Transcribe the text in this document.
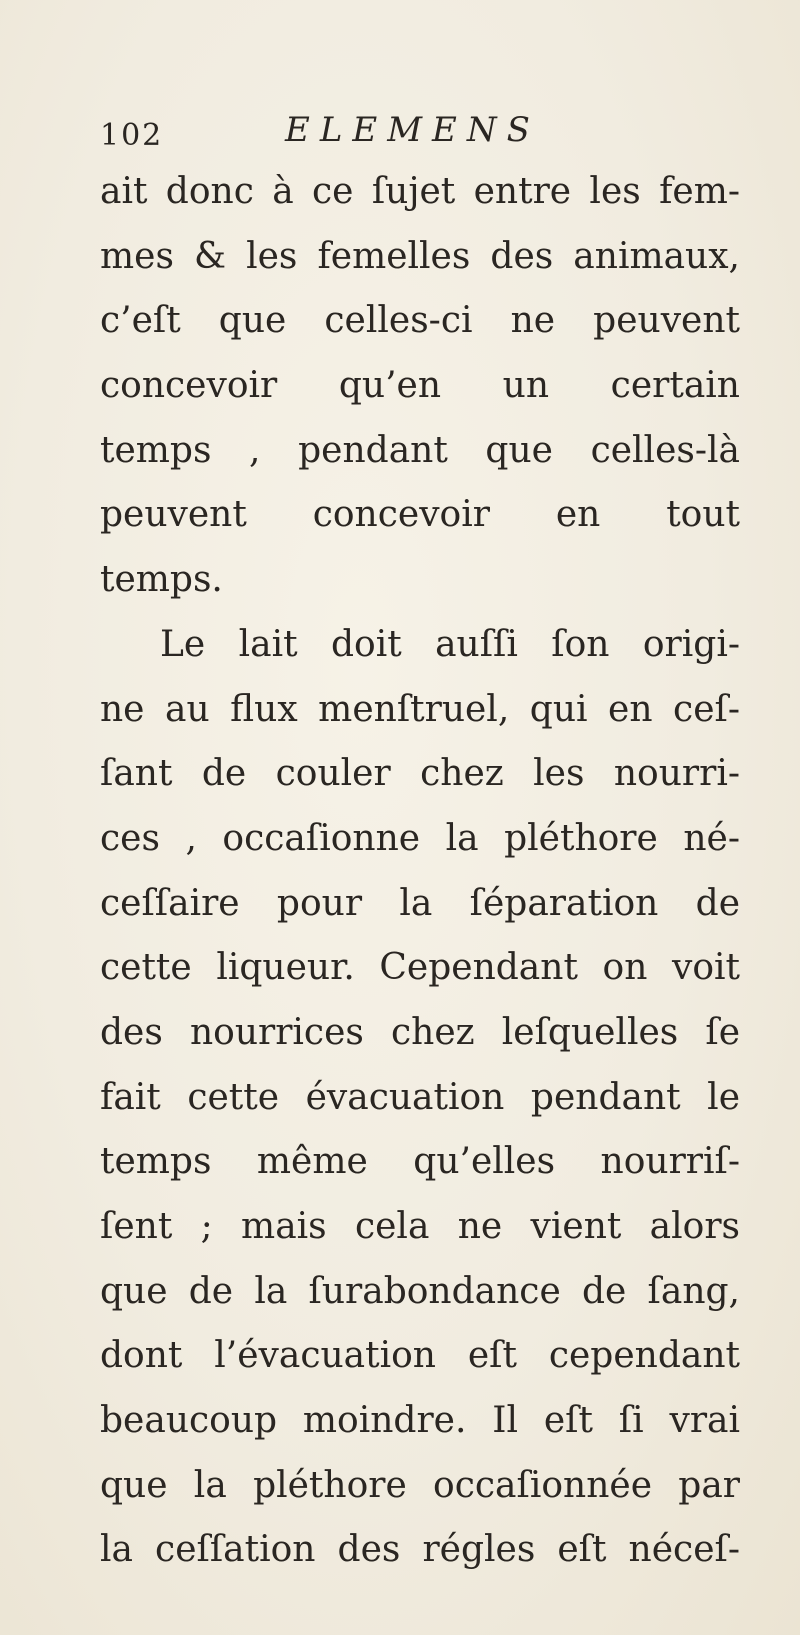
102	ELEMENS
ait donc à ce ſujet entre les fem-
mes & les femelles des animaux,
c’eſt que celles-ci ne peuvent
concevoir qu’en un certain
temps , pendant que celles-là
peuvent concevoir en tout
temps.
Le lait doit auſſi ſon origi-
ne au flux menſtruel, qui en ceſ-
ſant de couler chez les nourri-
ces , occaſionne la pléthore né-
ceſſaire pour la ſéparation de
cette liqueur. Cependant on voit
des nourrices chez leſquelles ſe
fait cette évacuation pendant le
temps même qu’elles nourriſ-
ſent ; mais cela ne vient alors
que de la ſurabondance de ſang,
dont l’évacuation eſt cependant
beaucoup moindre. Il eſt ſi vrai
que la pléthore occaſionnée par
la ceſſation des régles eſt néceſ-
